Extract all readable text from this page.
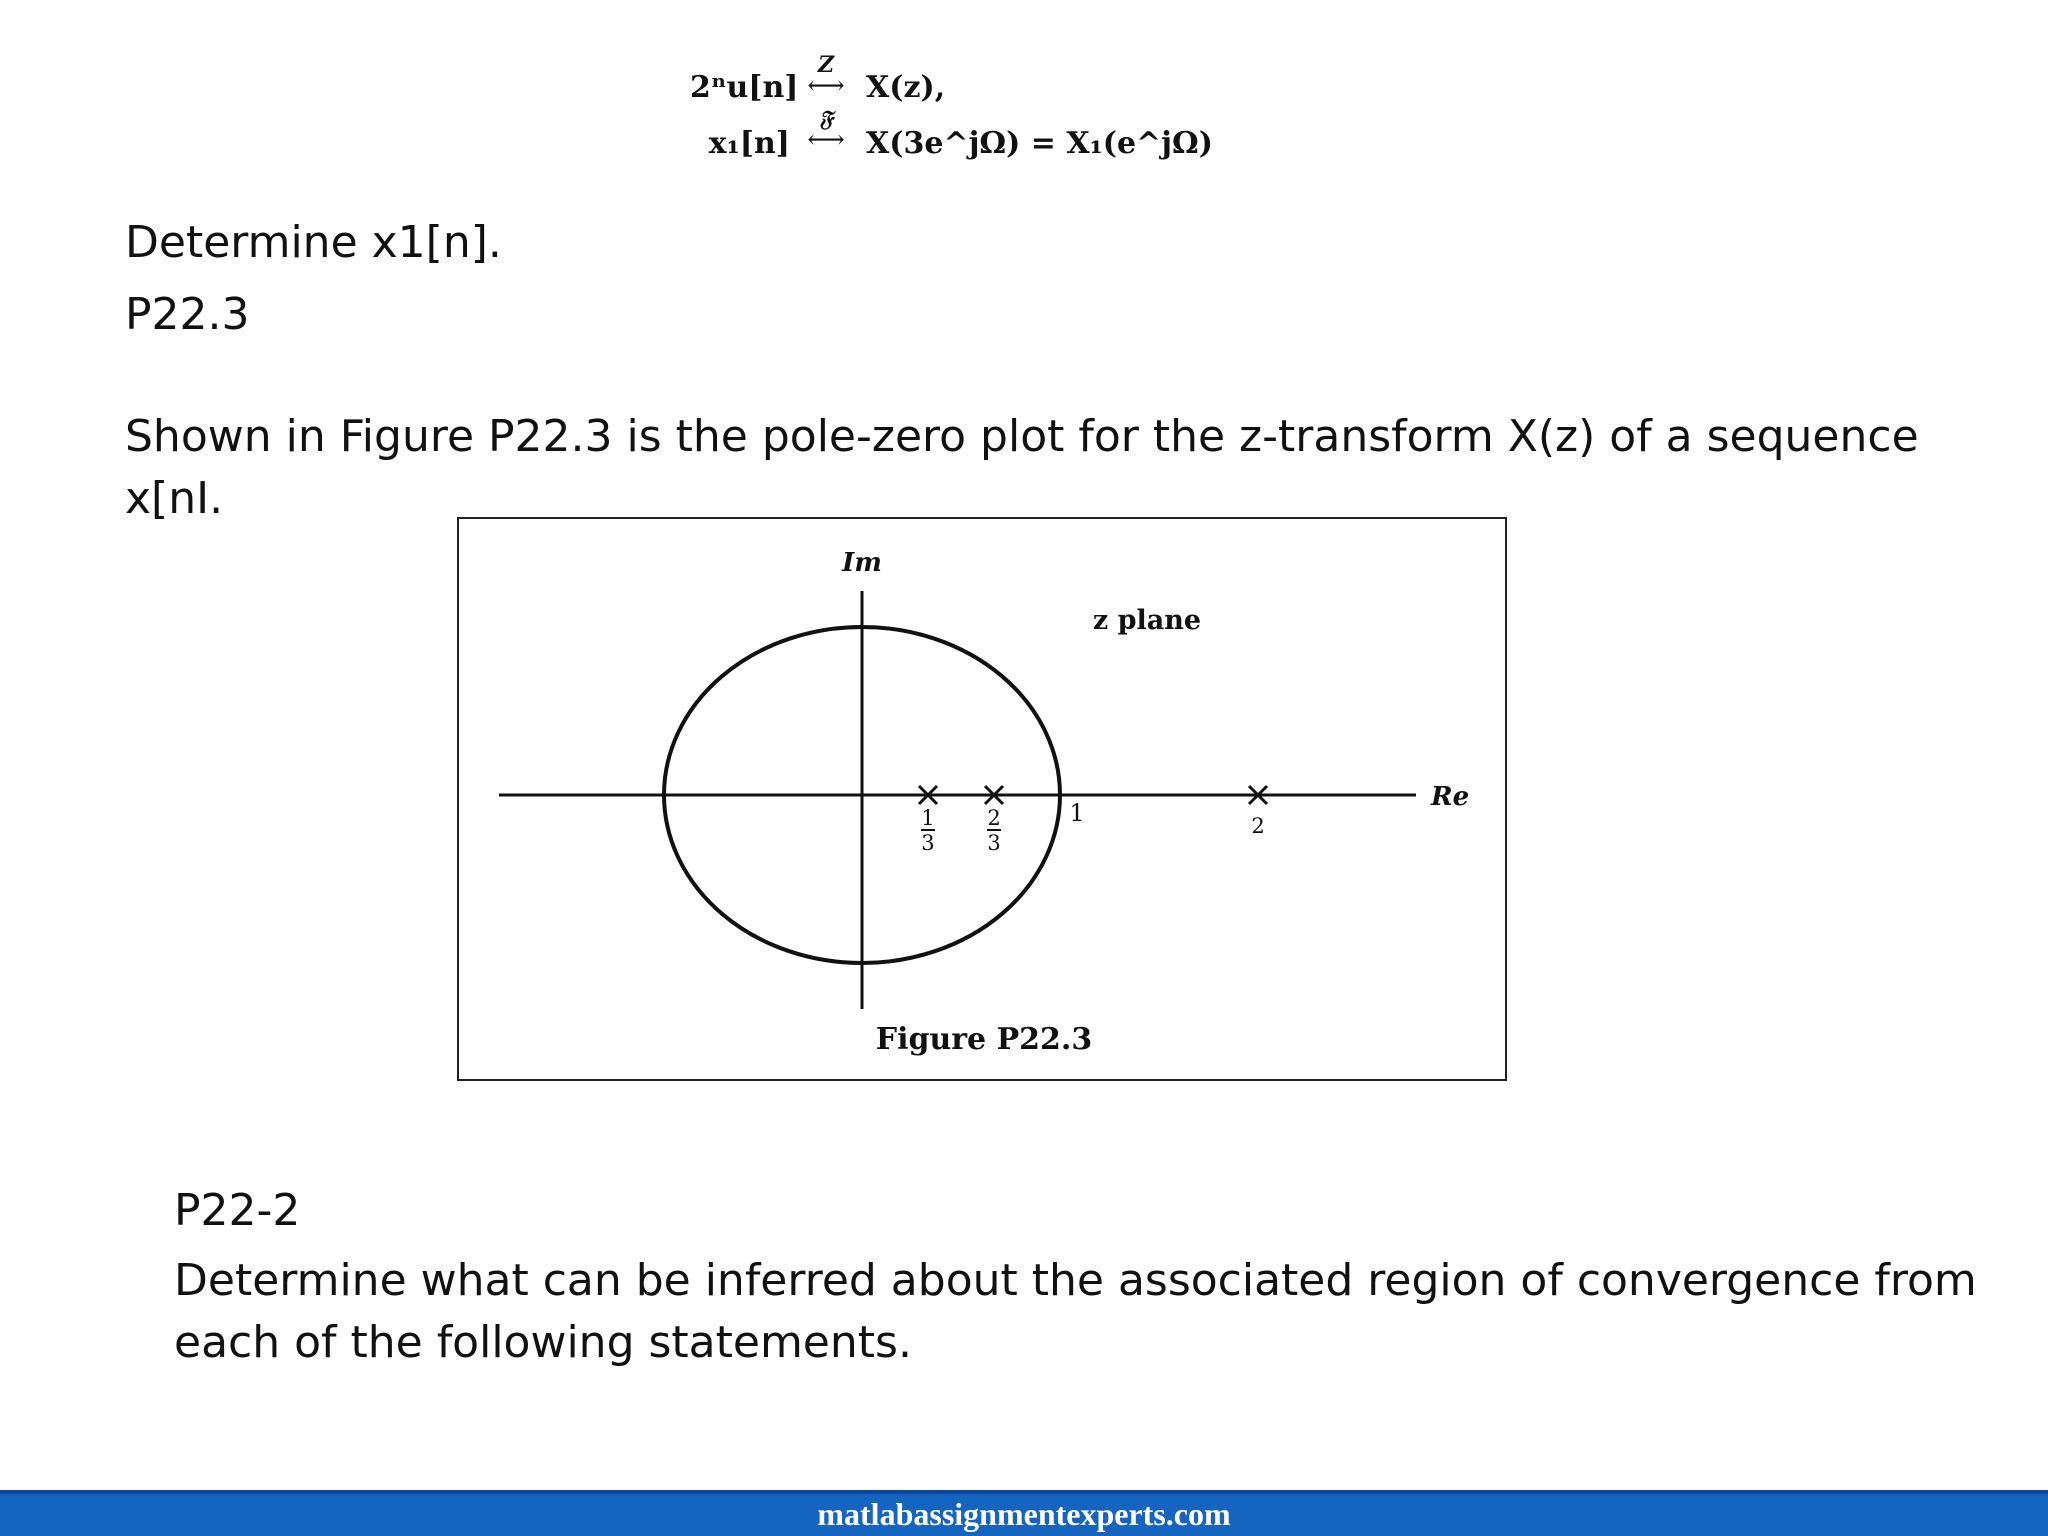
2ⁿu[n]
Z
⟷ X(z),
x₁[n]
𝔉
⟷ X(3e^jΩ) = X₁(e^jΩ)
Determine x1[n].
P22.3
Shown in Figure P22.3 is the pole-zero plot for the z-transform X(z) of a sequence
x[nI.
Im
Re
z plane
1
Figure P22.3
1
3
2
3
2
P22-2
Determine what can be inferred about the associated region of convergence from
each of the following statements.
matlabassignmentexperts.com
